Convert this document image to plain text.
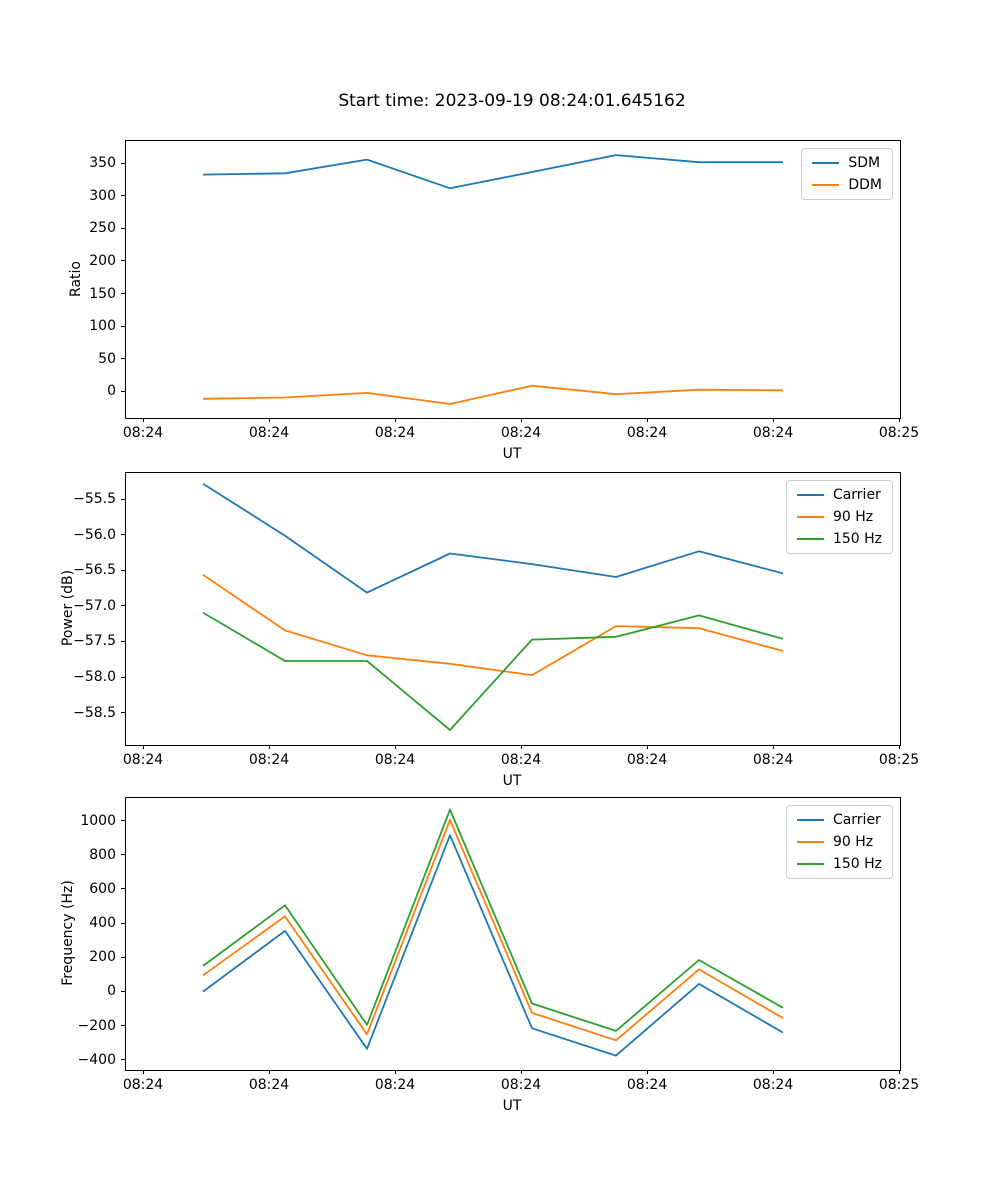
Start time: 2023-09-19 08:24:01.645162
Ratio
SDM
DDM
UT
350
300
250
200
150
100
50
0
08:24	08:24	08:24	08:24	08:24	08:24	08:25
Power (dB)
Carrier
90 Hz
150 Hz
UT
−55.5
−56.0
−56.5
−57.0
−57.5
−58.0
−58.5
08:24	08:24	08:24	08:24	08:24	08:24	08:25
Frequency (Hz)
Carrier
90 Hz
150 Hz
UT
1000
800
600
400
200
0
−200
−400
08:24	08:24	08:24	08:24	08:24	08:24	08:25
